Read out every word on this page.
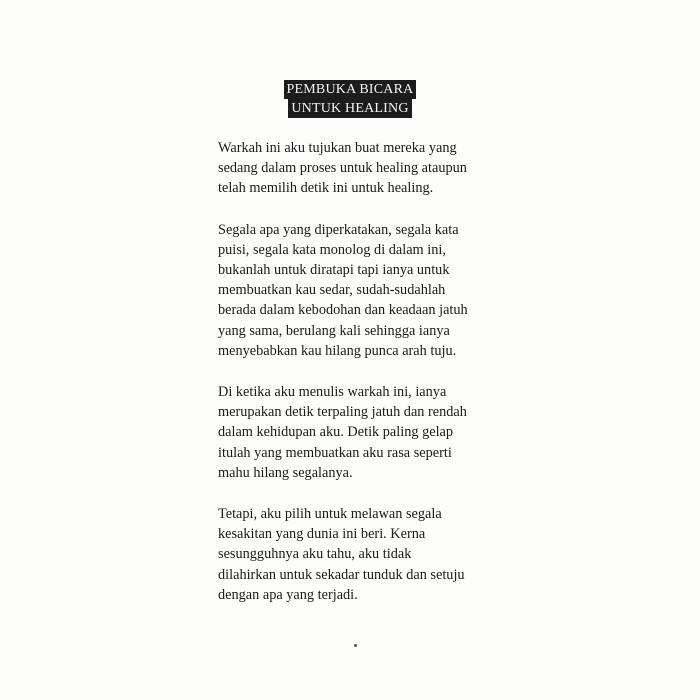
PEMBUKA BICARA
UNTUK HEALING

Warkah ini aku tujukan buat mereka yang
sedang dalam proses untuk healing ataupun
telah memilih detik ini untuk healing.

Segala apa yang diperkatakan, segala kata
puisi, segala kata monolog di dalam ini,
bukanlah untuk diratapi tapi ianya untuk
membuatkan kau sedar, sudah-sudahlah
berada dalam kebodohan dan keadaan jatuh
yang sama, berulang kali sehingga ianya
menyebabkan kau hilang punca arah tuju.

Di ketika aku menulis warkah ini, ianya
merupakan detik terpaling jatuh dan rendah
dalam kehidupan aku. Detik paling gelap
itulah yang membuatkan aku rasa seperti
mahu hilang segalanya.

Tetapi, aku pilih untuk melawan segala
kesakitan yang dunia ini beri. Kerna
sesungguhnya aku tahu, aku tidak
dilahirkan untuk sekadar tunduk dan setuju
dengan apa yang terjadi.
